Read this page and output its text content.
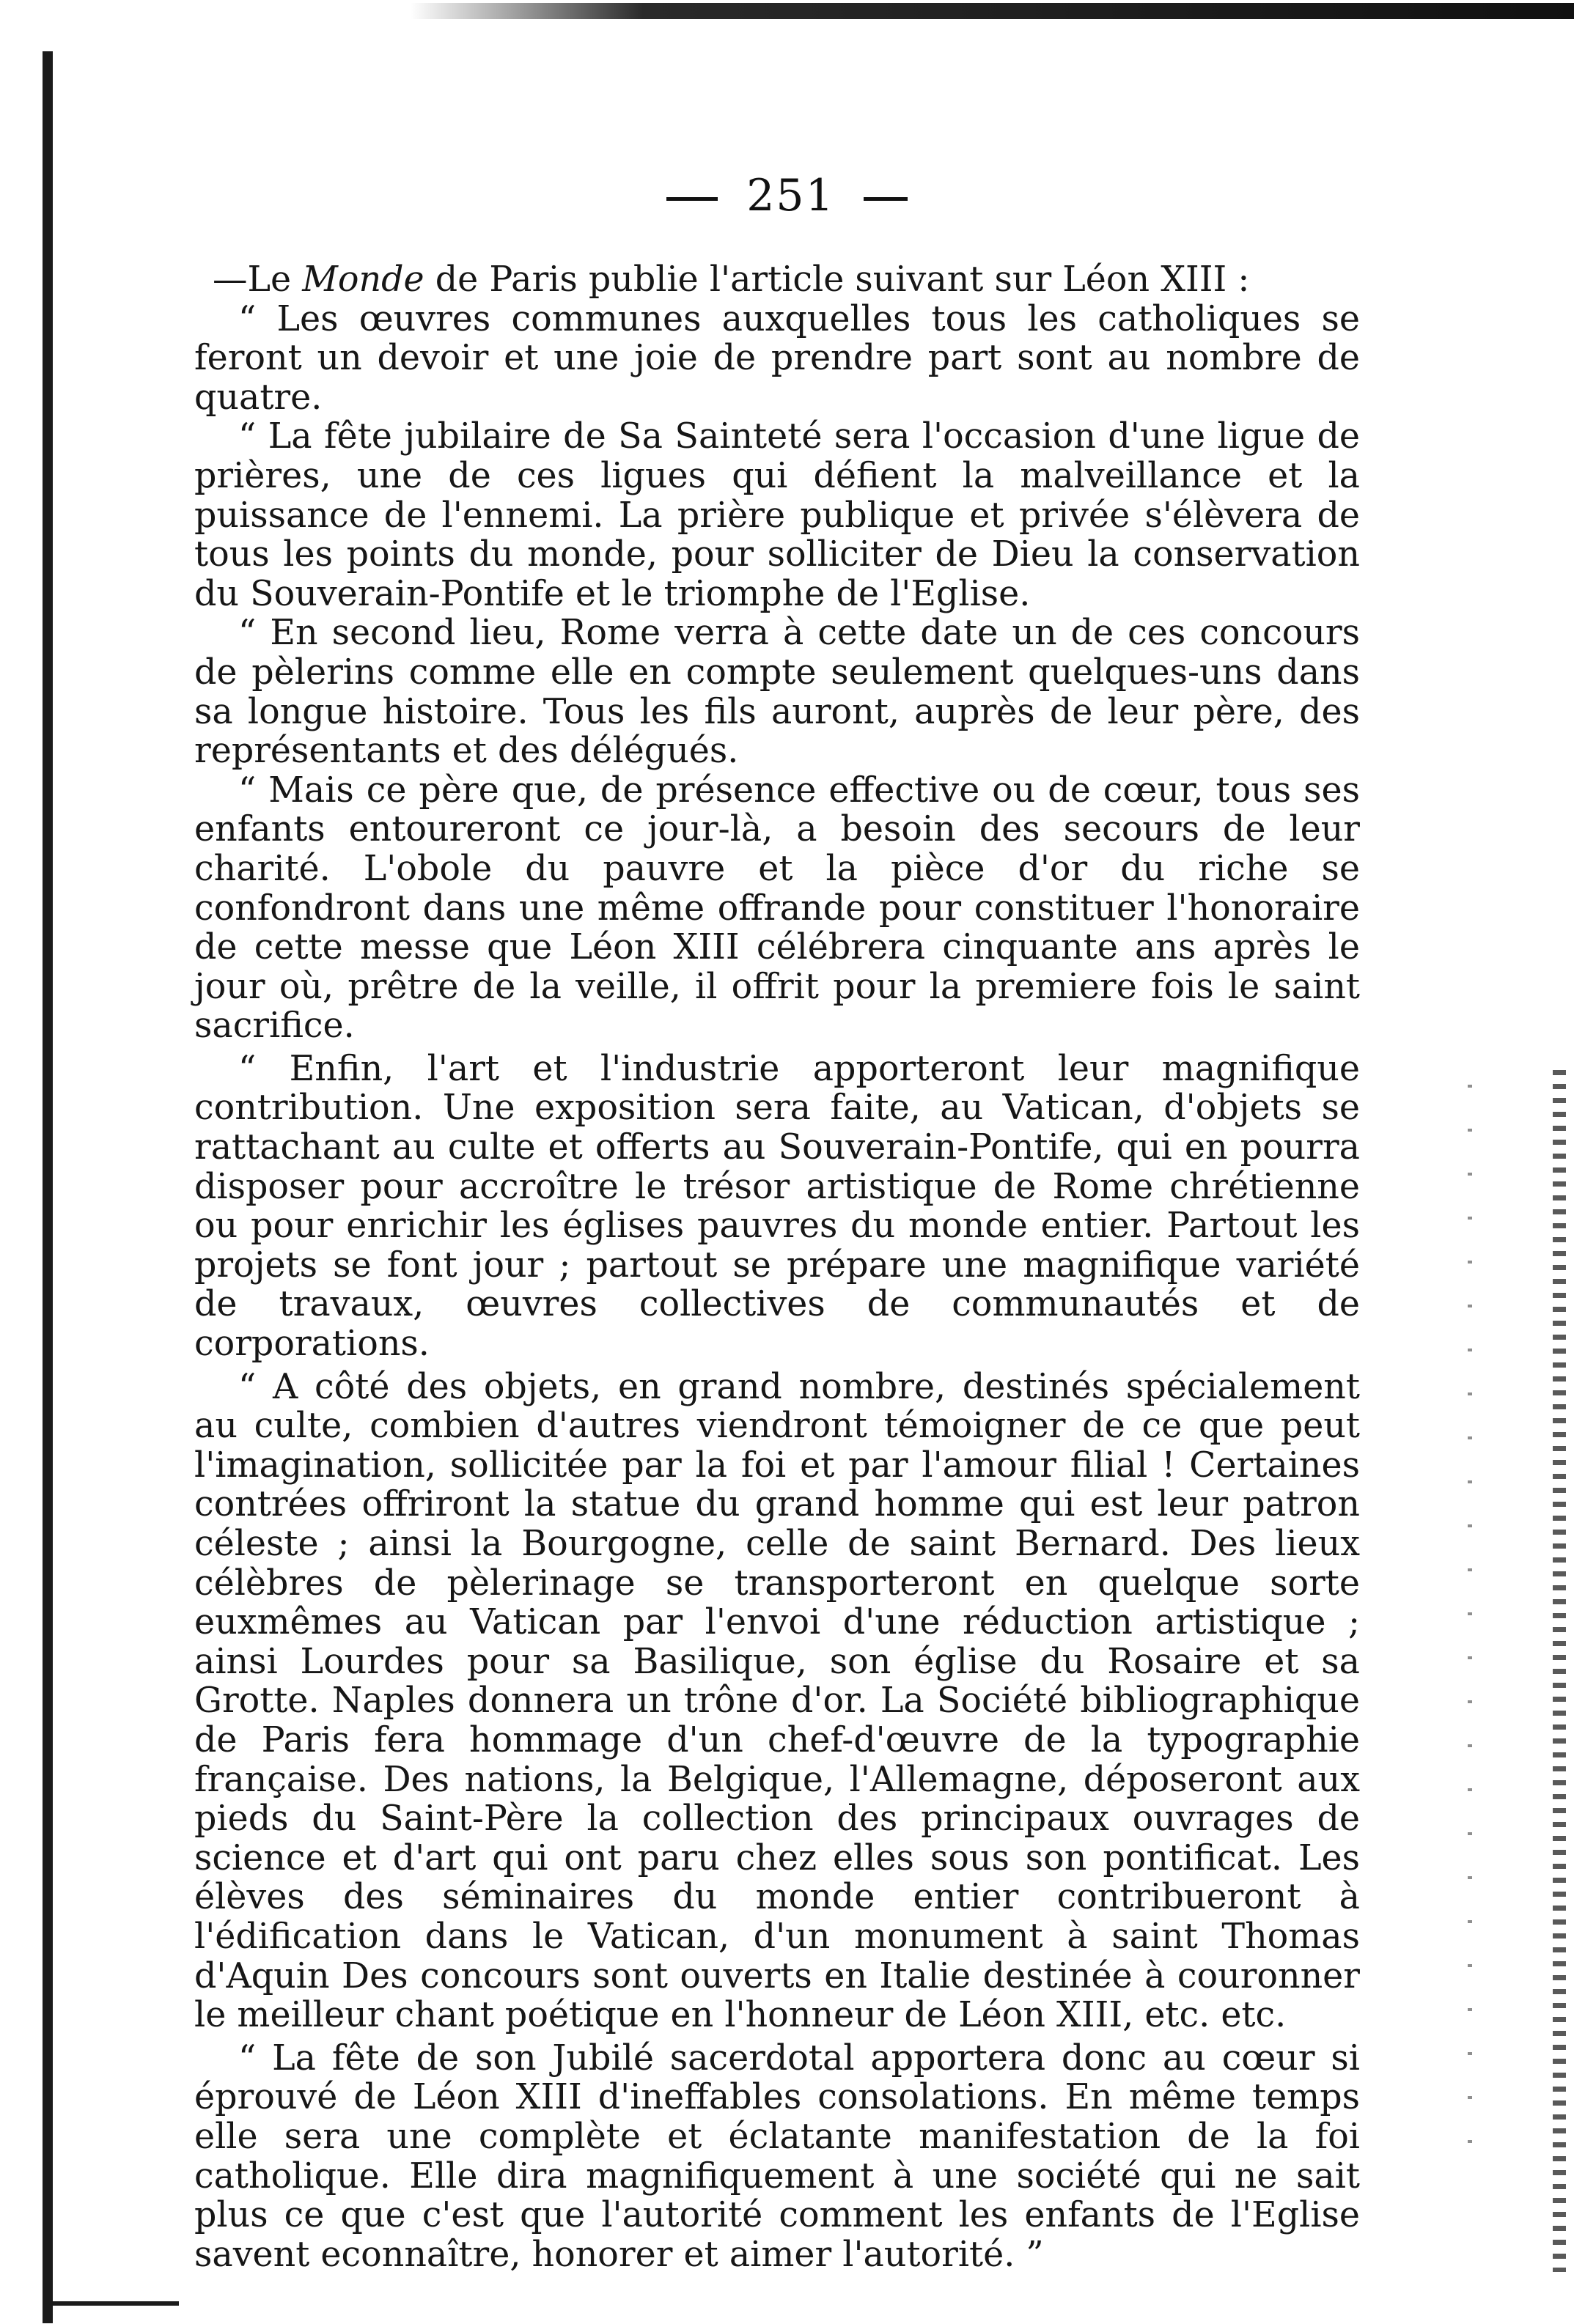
251

—Le Monde de Paris publie l'article suivant sur Léon XIII :

“ Les œuvres communes auxquelles tous les catholiques se feront un devoir et une joie de prendre part sont au nombre de quatre.

“ La fête jubilaire de Sa Sainteté sera l'occasion d'une ligue de prières, une de ces ligues qui défient la malveillance et la puissance de l'ennemi. La prière publique et privée s'élèvera de tous les points du monde, pour solliciter de Dieu la conservation du Souverain-Pontife et le triomphe de l'Eglise.

“ En second lieu, Rome verra à cette date un de ces concours de pèlerins comme elle en compte seulement quelques-uns dans sa longue histoire. Tous les fils auront, auprès de leur père, des représentants et des délégués.

“ Mais ce père que, de présence effective ou de cœur, tous ses enfants entoureront ce jour-là, a besoin des secours de leur charité. L'obole du pauvre et la pièce d'or du riche se confondront dans une même offrande pour constituer l'honoraire de cette messe que Léon XIII célébrera cinquante ans après le jour où, prêtre de la veille, il offrit pour la premiere fois le saint sacrifice.

“ Enfin, l'art et l'industrie apporteront leur magnifique contribution. Une exposition sera faite, au Vatican, d'objets se rattachant au culte et offerts au Souverain-Pontife, qui en pourra disposer pour accroître le trésor artistique de Rome chrétienne ou pour enrichir les églises pauvres du monde entier. Partout les projets se font jour ; partout se prépare une magnifique variété de travaux, œuvres collectives de communautés et de corporations.

“ A côté des objets, en grand nombre, destinés spécialement au culte, combien d'autres viendront témoigner de ce que peut l'imagination, sollicitée par la foi et par l'amour filial ! Certaines contrées offriront la statue du grand homme qui est leur patron céleste ; ainsi la Bourgogne, celle de saint Bernard. Des lieux célèbres de pèlerinage se transporteront en quelque sorte euxmêmes au Vatican par l'envoi d'une réduction artistique ; ainsi Lourdes pour sa Basilique, son église du Rosaire et sa Grotte. Naples donnera un trône d'or. La Société bibliographique de Paris fera hommage d'un chef-d'œuvre de la typographie française. Des nations, la Belgique, l'Allemagne, déposeront aux pieds du Saint-Père la collection des principaux ouvrages de science et d'art qui ont paru chez elles sous son pontificat. Les élèves des séminaires du monde entier contribueront à l'édification dans le Vatican, d'un monument à saint Thomas d'Aquin Des concours sont ouverts en Italie destinée à couronner le meilleur chant poétique en l'honneur de Léon XIII, etc. etc.

“ La fête de son Jubilé sacerdotal apportera donc au cœur si éprouvé de Léon XIII d'ineffables consolations. En même temps elle sera une complète et éclatante manifestation de la foi catholique. Elle dira magnifiquement à une société qui ne sait plus ce que c'est que l'autorité comment les enfants de l'Eglise savent econnaître, honorer et aimer l'autorité. ”
